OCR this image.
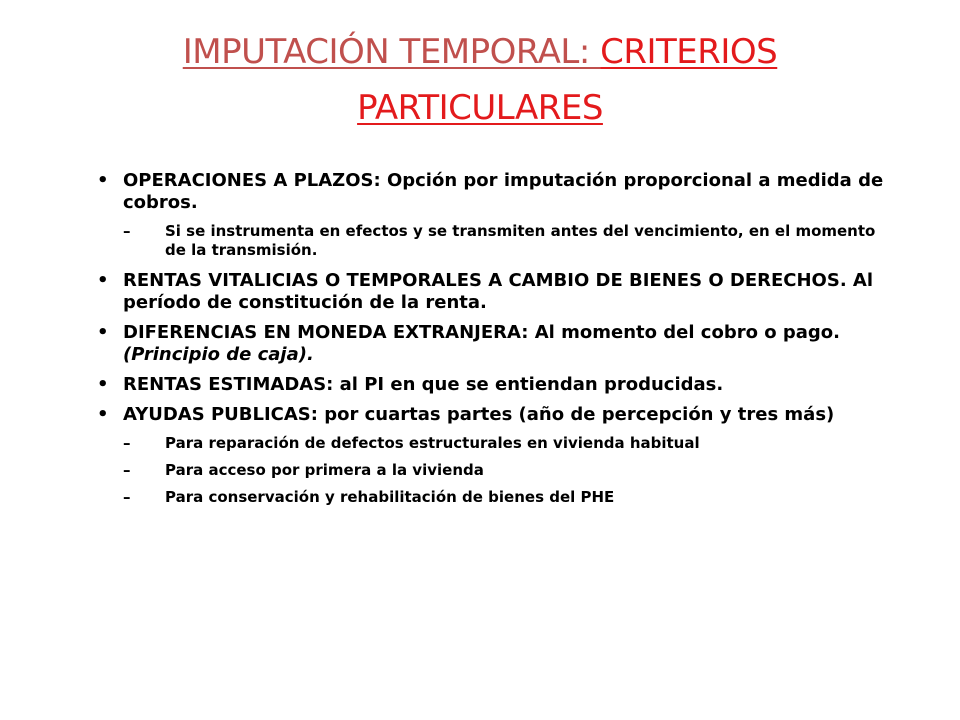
IMPUTACIÓN TEMPORAL: CRITERIOS PARTICULARES
• OPERACIONES A PLAZOS: Opción por imputación proporcional a medida de cobros.
– Si se instrumenta en efectos y se transmiten antes del vencimiento, en el momento de la transmisión.
• RENTAS VITALICIAS O TEMPORALES A CAMBIO DE BIENES O DERECHOS. Al período de constitución de la renta.
• DIFERENCIAS EN MONEDA EXTRANJERA: Al momento del cobro o pago. (Principio de caja).
• RENTAS ESTIMADAS: al PI en que se entiendan producidas.
• AYUDAS PUBLICAS: por cuartas partes (año de percepción y tres más)
– Para reparación de defectos estructurales en vivienda habitual
– Para acceso por primera a la vivienda
– Para conservación y rehabilitación de bienes del PHE
